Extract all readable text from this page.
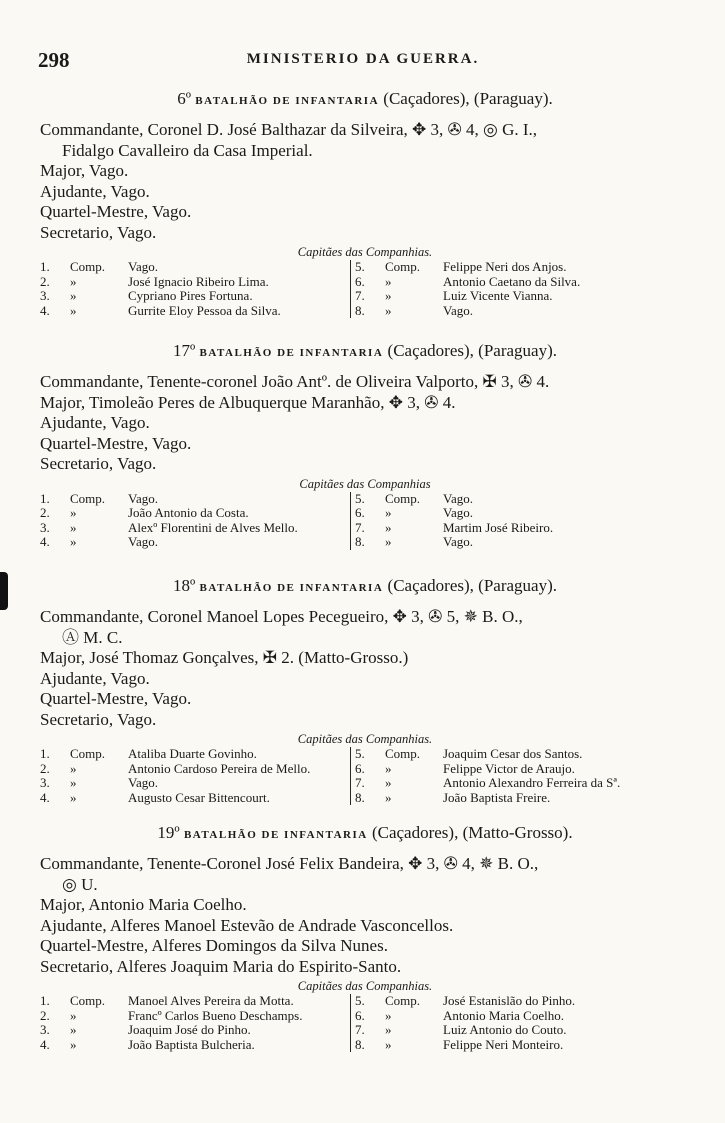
298	MINISTERIO DA GUERRA.
6º BATALHÃO DE INFANTARIA (Caçadores), (Paraguay).
Commandante, Coronel D. José Balthazar da Silveira, ✥ 3, ✇ 4, ◎ G. I.,
Fidalgo Cavalleiro da Casa Imperial.
Major, Vago.
Ajudante, Vago.
Quartel-Mestre, Vago.
Secretario, Vago.
Capitães das Companhias.
1.	Comp.	Vago.
2.	»	José Ignacio Ribeiro Lima.
3.	»	Cypriano Pires Fortuna.
4.	»	Gurrite Eloy Pessoa da Silva.
5.	Comp.	Felippe Neri dos Anjos.
6.	»	Antonio Caetano da Silva.
7.	»	Luiz Vicente Vianna.
8.	»	Vago.
17º BATALHÃO DE INFANTARIA (Caçadores), (Paraguay).
Commandante, Tenente-coronel João Antº. de Oliveira Valporto, ✠ 3, ✇ 4.
Major, Timoleão Peres de Albuquerque Maranhão, ✥ 3, ✇ 4.
Ajudante, Vago.
Quartel-Mestre, Vago.
Secretario, Vago.
Capitães das Companhias
1.	Comp.	Vago.
2.	»	João Antonio da Costa.
3.	»	Alexº Florentini de Alves Mello.
4.	»	Vago.
5.	Comp.	Vago.
6.	»	Vago.
7.	»	Martim José Ribeiro.
8.	»	Vago.
18º BATALHÃO DE INFANTARIA (Caçadores), (Paraguay).
Commandante, Coronel Manoel Lopes Pecegueiro, ✥ 3, ✇ 5, ✵ B. O.,
Ⓐ M. C.
Major, José Thomaz Gonçalves, ✠ 2. (Matto-Grosso.)
Ajudante, Vago.
Quartel-Mestre, Vago.
Secretario, Vago.
Capitães das Companhias.
1.	Comp.	Ataliba Duarte Govinho.
2.	»	Antonio Cardoso Pereira de Mello.
3.	»	Vago.
4.	»	Augusto Cesar Bittencourt.
5.	Comp.	Joaquim Cesar dos Santos.
6.	»	Felippe Victor de Araujo.
7.	»	Antonio Alexandro Ferreira da Sª.
8.	»	João Baptista Freire.
19º BATALHÃO DE INFANTARIA (Caçadores), (Matto-Grosso).
Commandante, Tenente-Coronel José Felix Bandeira, ✥ 3, ✇ 4, ✵ B. O.,
◎ U.
Major, Antonio Maria Coelho.
Ajudante, Alferes Manoel Estevão de Andrade Vasconcellos.
Quartel-Mestre, Alferes Domingos da Silva Nunes.
Secretario, Alferes Joaquim Maria do Espirito-Santo.
Capitães das Companhias.
1.	Comp.	Manoel Alves Pereira da Motta.
2.	»	Francº Carlos Bueno Deschamps.
3.	»	Joaquim José do Pinho.
4.	»	João Baptista Bulcheria.
5.	Comp.	José Estanislão do Pinho.
6.	»	Antonio Maria Coelho.
7.	»	Luiz Antonio do Couto.
8.	»	Felippe Neri Monteiro.
